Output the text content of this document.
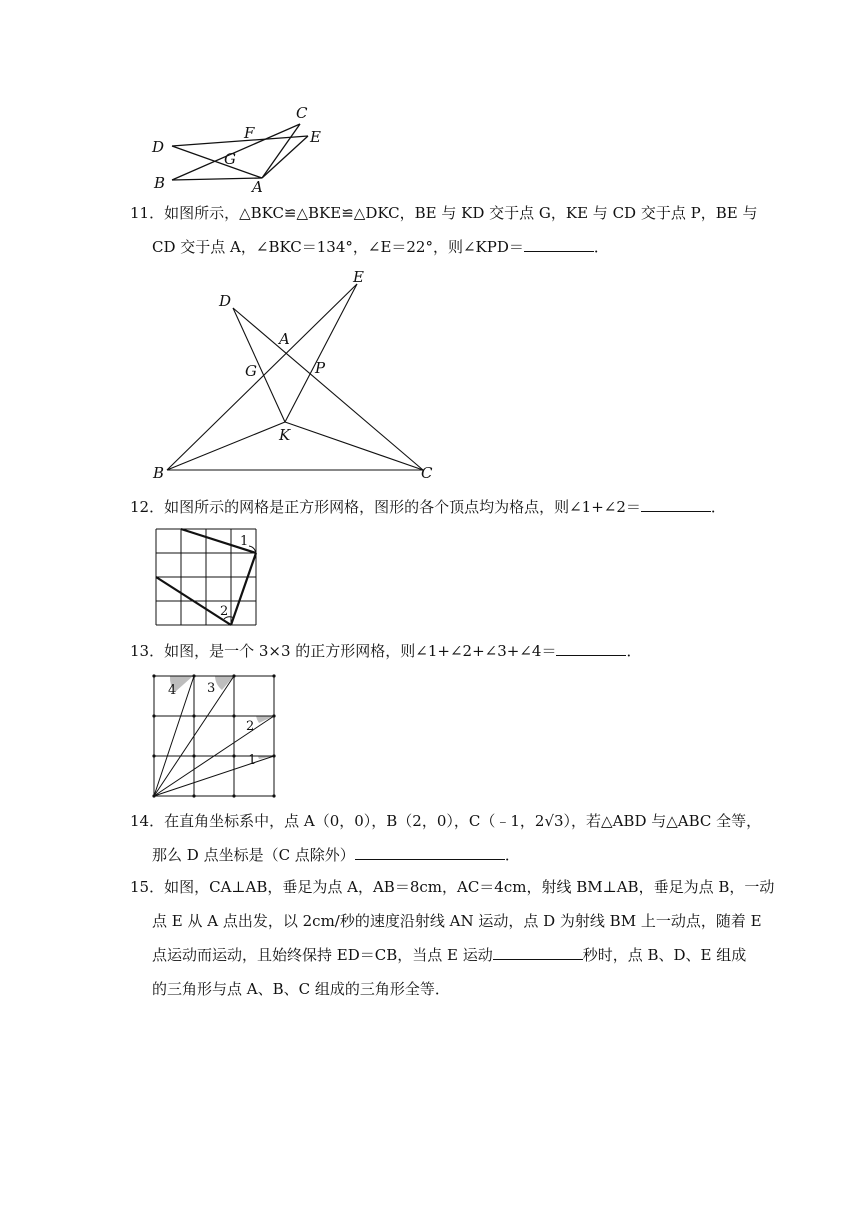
D
F
C
E
G
B	A
11．如图所示，△BKC≌△BKE≌△DKC，BE 与 KD 交于点 G，KE 与 CD 交于点 P，BE 与
CD 交于点 A，∠BKC＝134°，∠E＝22°，则∠KPD＝	．
D
E
A
G	P
K
B	C
12．如图所示的网格是正方形网格，图形的各个顶点均为格点，则∠1+∠2＝	．
1
2
13．如图，是一个 3×3 的正方形网格，则∠1+∠2+∠3+∠4＝	．
4 3
2
1
14．在直角坐标系中，点 A（0，0），B（2，0），C（﹣1，2√3），若△ABD 与△ABC 全等，
那么 D 点坐标是（C 点除外）	．
15．如图，CA⊥AB，垂足为点 A，AB＝8cm，AC＝4cm，射线 BM⊥AB，垂足为点 B，一动
点 E 从 A 点出发，以 2cm/秒的速度沿射线 AN 运动，点 D 为射线 BM 上一动点，随着 E
点运动而运动，且始终保持 ED＝CB，当点 E 运动	秒时，点 B、D、E 组成
的三角形与点 A、B、C 组成的三角形全等．
